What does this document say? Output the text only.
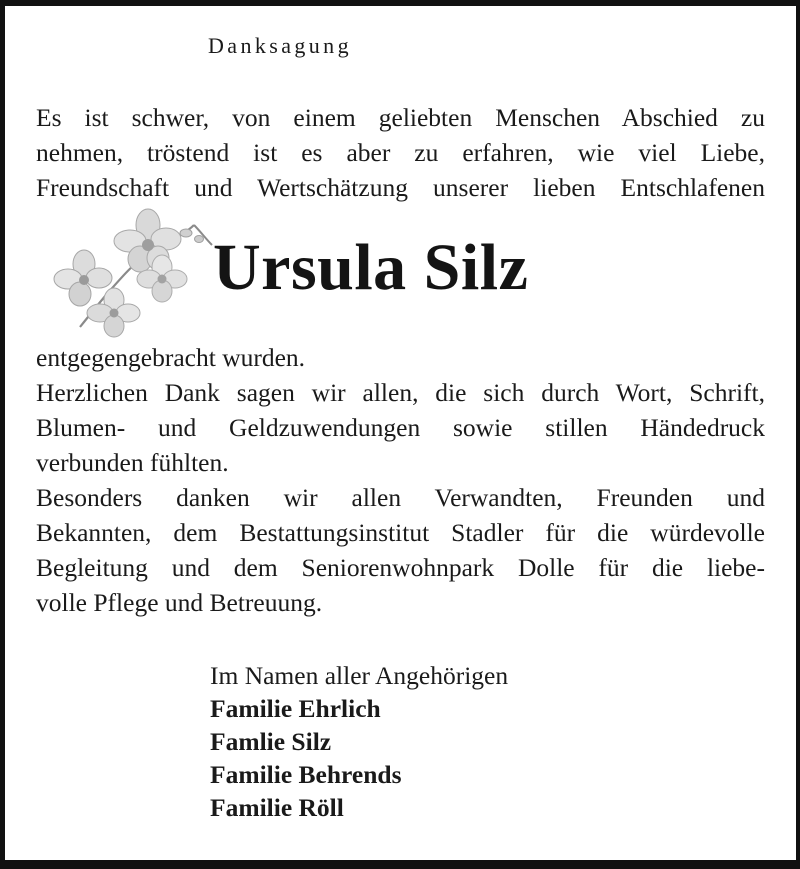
Danksagung
Es ist schwer, von einem geliebten Menschen Abschied zu
nehmen, tröstend ist es aber zu erfahren, wie viel Liebe,
Freundschaft und Wertschätzung unserer lieben Entschlafenen
Ursula Silz
entgegengebracht wurden.
Herzlichen Dank sagen wir allen, die sich durch Wort, Schrift,
Blumen- und Geldzuwendungen sowie stillen Händedruck
verbunden fühlten.
Besonders danken wir allen Verwandten, Freunden und
Bekannten, dem Bestattungsinstitut Stadler für die würdevolle
Begleitung und dem Seniorenwohnpark Dolle für die liebe-
volle Pflege und Betreuung.
Im Namen aller Angehörigen
Familie Ehrlich
Famlie Silz
Familie Behrends
Familie Röll
